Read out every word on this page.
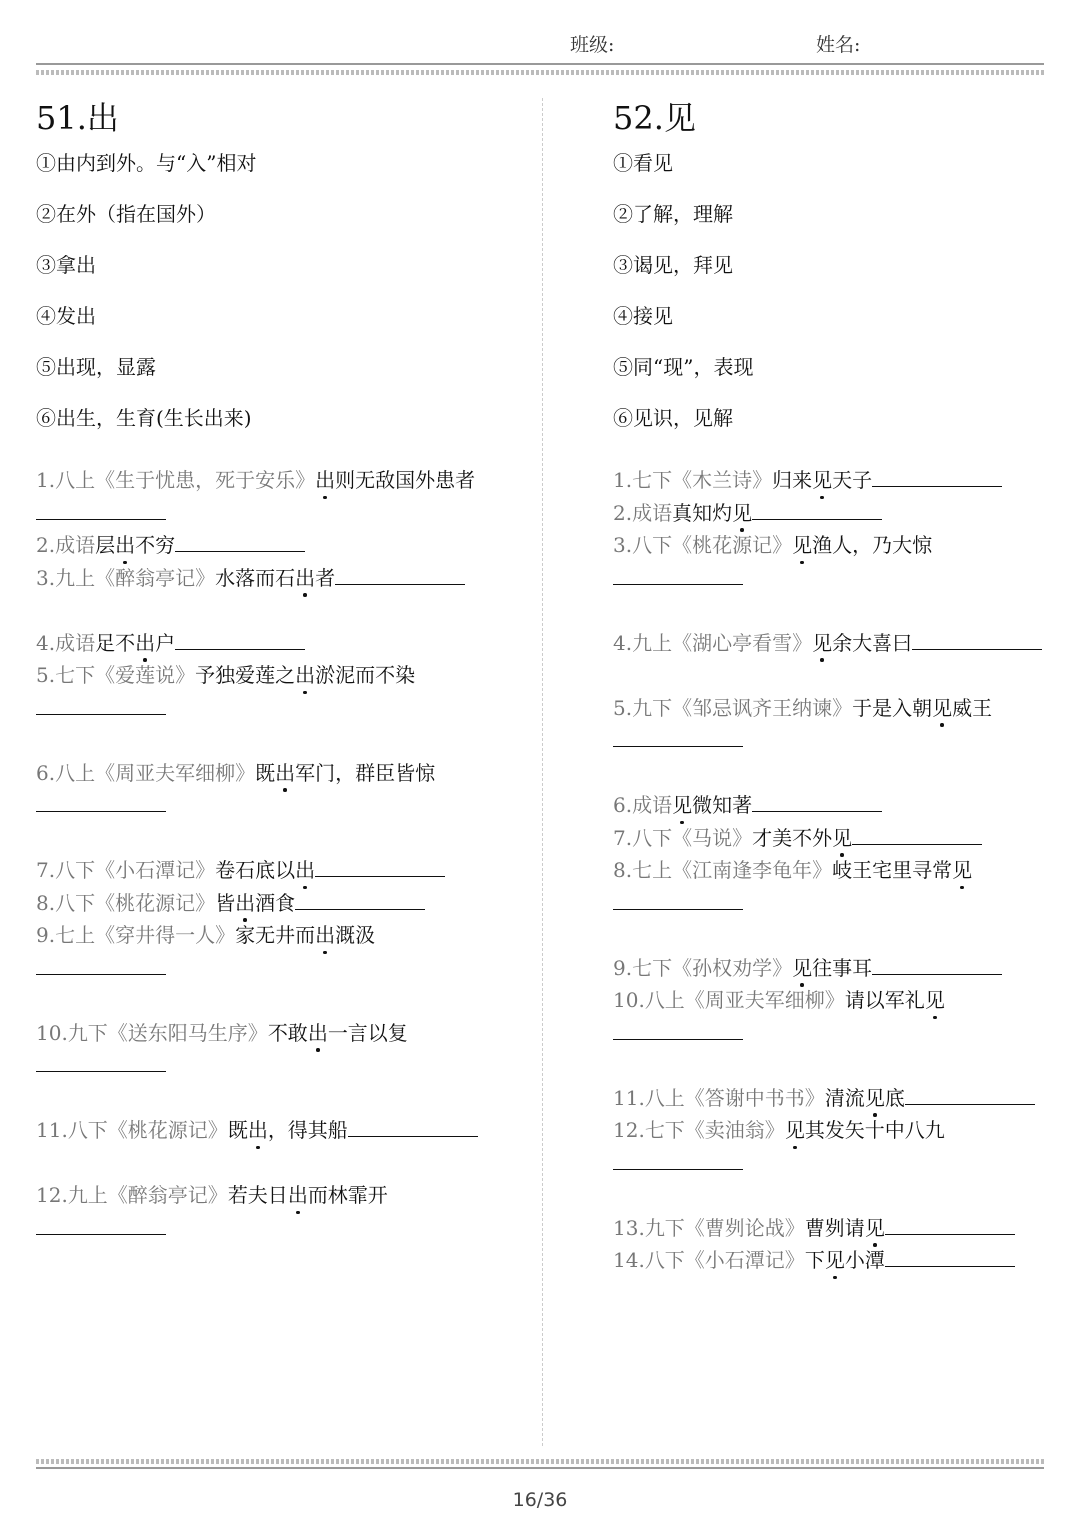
班级:	姓名:
51.出
①由内到外。与“入”相对
②在外（指在国外）
③拿出
④发出
⑤出现，显露
⑥出生，生育(生长出来)
1.八上《生于忧患，死于安乐》出则无敌国外患者
2.成语层出不穷
3.九上《醉翁亭记》水落而石出者
4.成语足不出户
5.七下《爱莲说》予独爱莲之出淤泥而不染
6.八上《周亚夫军细柳》既出军门，群臣皆惊
7.八下《小石潭记》卷石底以出
8.八下《桃花源记》皆出酒食
9.七上《穿井得一人》家无井而出溉汲
10.九下《送东阳马生序》不敢出一言以复
11.八下《桃花源记》既出，得其船
12.九上《醉翁亭记》若夫日出而林霏开
52.见
①看见
②了解，理解
③谒见，拜见
④接见
⑤同“现”，表现
⑥见识，见解
1.七下《木兰诗》归来见天子
2.成语真知灼见
3.八下《桃花源记》见渔人，乃大惊
4.九上《湖心亭看雪》见余大喜曰
5.九下《邹忌讽齐王纳谏》于是入朝见威王
6.成语见微知著
7.八下《马说》才美不外见
8.七上《江南逢李龟年》岐王宅里寻常见
9.七下《孙权劝学》见往事耳
10.八上《周亚夫军细柳》请以军礼见
11.八上《答谢中书书》清流见底
12.七下《卖油翁》见其发矢十中八九
13.九下《曹刿论战》曹刿请见
14.八下《小石潭记》下见小潭
16/36
